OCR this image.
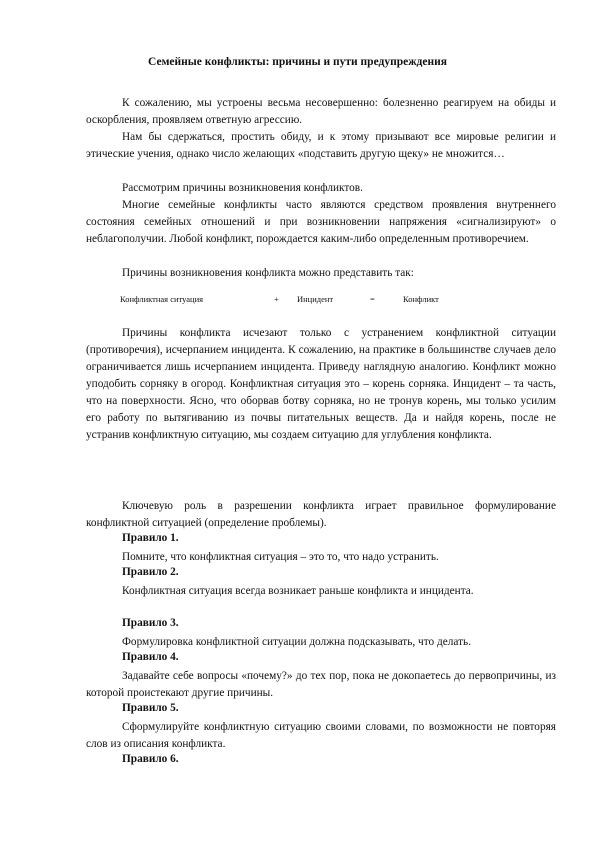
Семейные конфликты: причины и пути предупреждения

К сожалению, мы устроены весьма несовершенно: болезненно реагируем на обиды и оскорбления, проявляем ответную агрессию.

Нам бы сдержаться, простить обиду, и к этому призывают все мировые религии и этические учения, однако число желающих «подставить другую щеку» не множится…

Рассмотрим причины возникновения конфликтов.

Многие семейные конфликты часто являются средством проявления внутреннего состояния семейных отношений и при возникновении напряжения «сигнализируют» о неблагополучии. Любой конфликт, порождается каким-либо определенным противоречием.

Причины возникновения конфликта можно представить так:

Конфликтная ситуация	+ Инцидент	=	Конфликт

Причины конфликта исчезают только с устранением конфликтной ситуации (противоречия), исчерпанием инцидента. К сожалению, на практике в большинстве случаев дело ограничивается лишь исчерпанием инцидента. Приведу наглядную аналогию. Конфликт можно уподобить сорняку в огород. Конфликтная ситуация это – корень сорняка. Инцидент – та часть, что на поверхности. Ясно, что оборвав ботву сорняка, но не тронув корень, мы только усилим его работу по вытягиванию из почвы питательных веществ. Да и найдя корень, после не устранив конфликтную ситуацию, мы создаем ситуацию для углубления конфликта.

Ключевую роль в разрешении конфликта играет правильное формулирование конфликтной ситуацией (определение проблемы).

Правило 1.

Помните, что конфликтная ситуация – это то, что надо устранить.

Правило 2.

Конфликтная ситуация всегда возникает раньше конфликта и инцидента.

Правило 3.

Формулировка конфликтной ситуации должна подсказывать, что делать.

Правило 4.

Задавайте себе вопросы «почему?» до тех пор, пока не докопаетесь до первопричины, из которой проистекают другие причины.

Правило 5.

Сформулируйте конфликтную ситуацию своими словами, по возможности не повторяя слов из описания конфликта.

Правило 6.
